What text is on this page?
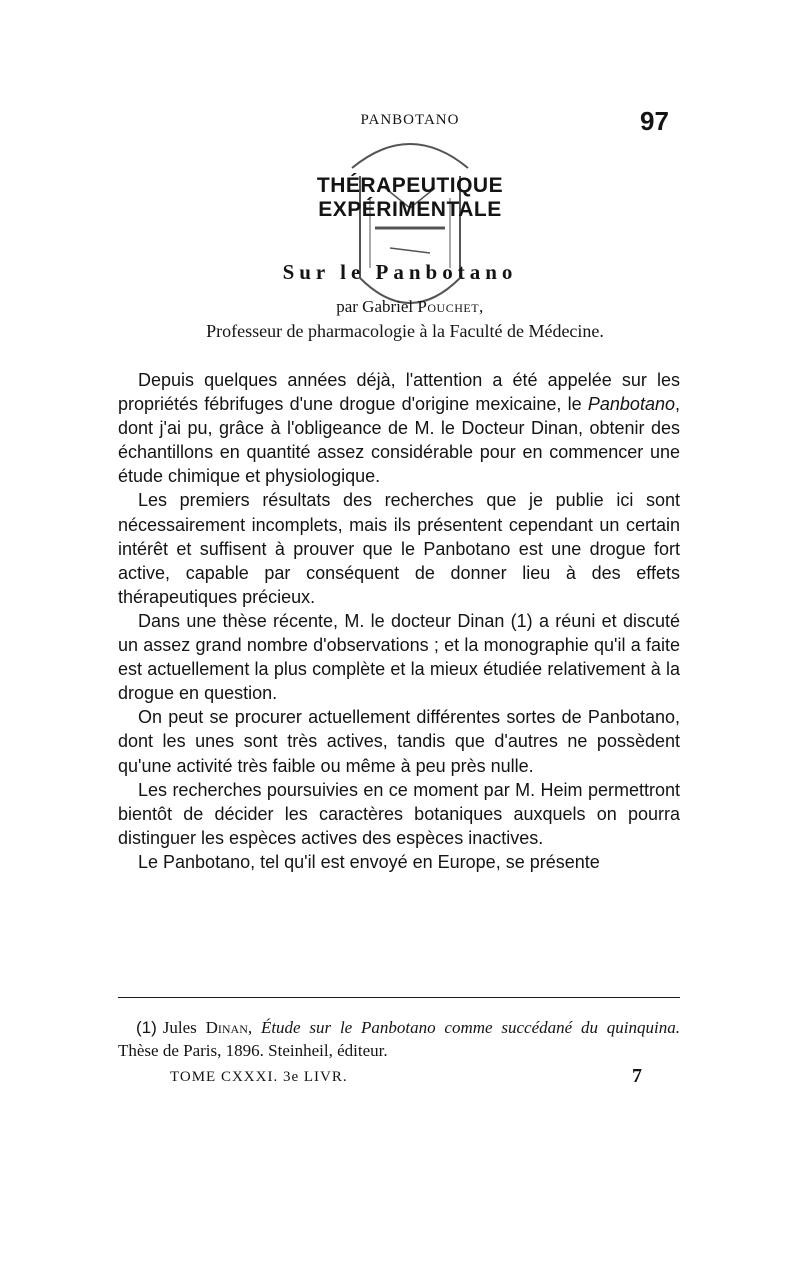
PANBOTANO	97
THÉRAPEUTIQUE EXPÉRIMENTALE
Sur le Panbotano
par Gabriel Pouchet,
Professeur de pharmacologie à la Faculté de Médecine.

Depuis quelques années déjà, l'attention a été appelée sur les propriétés fébrifuges d'une drogue d'origine mexicaine, le Panbotano, dont j'ai pu, grâce à l'obligeance de M. le Docteur Dinan, obtenir des échantillons en quantité assez considérable pour en commencer une étude chimique et physiologique.

Les premiers résultats des recherches que je publie ici sont nécessairement incomplets, mais ils présentent cependant un certain intérêt et suffisent à prouver que le Panbotano est une drogue fort active, capable par conséquent de donner lieu à des effets thérapeutiques précieux.

Dans une thèse récente, M. le docteur Dinan (1) a réuni et discuté un assez grand nombre d'observations ; et la monographie qu'il a faite est actuellement la plus complète et la mieux étudiée relativement à la drogue en question.

On peut se procurer actuellement différentes sortes de Panbotano, dont les unes sont très actives, tandis que d'autres ne possèdent qu'une activité très faible ou même à peu près nulle.

Les recherches poursuivies en ce moment par M. Heim permettront bientôt de décider les caractères botaniques auxquels on pourra distinguer les espèces actives des espèces inactives.

Le Panbotano, tel qu'il est envoyé en Europe, se présente

(1) Jules Dinan, Étude sur le Panbotano comme succédané du quinquina. Thèse de Paris, 1896. Steinheil, éditeur.
TOME CXXXI. 3e LIVR.	7
